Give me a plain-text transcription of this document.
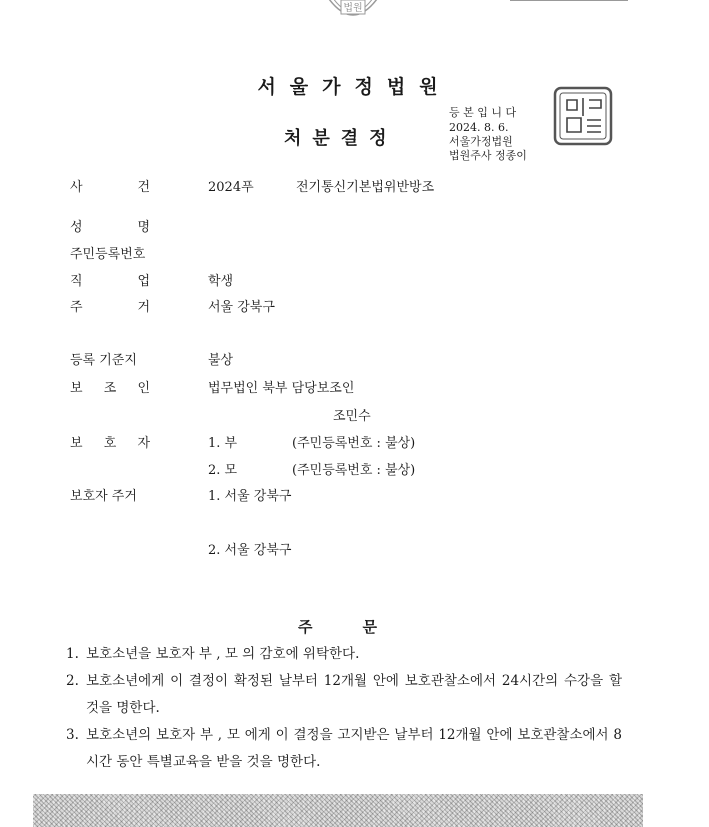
법원
서울가정법원
처분결정
등 본 입 니 다
2024. 8. 6.
서울가정법원
법원주사 정종이
사	건	2024푸	전기통신기본법위반방조
성	명
주민등록번호
직	업	학생
주	거	서울 강북구
등록 기준지	불상
보 조 인	법무법인 북부 담당보조인
조민수
보 호 자	1. 부	(주민등록번호 : 불상)
2. 모	(주민등록번호 : 불상)
보호자 주거	1. 서울 강북구
2. 서울 강북구
주문
1. 보호소년을 보호자 부 , 모 의 감호에 위탁한다.
2. 보호소년에게 이 결정이 확정된 날부터 12개월 안에 보호관찰소에서 24시간의 수강을 할 것을 명한다.
3. 보호소년의 보호자 부 , 모 에게 이 결정을 고지받은 날부터 12개월 안에 보호관찰소에서 8시간 동안 특별교육을 받을 것을 명한다.
